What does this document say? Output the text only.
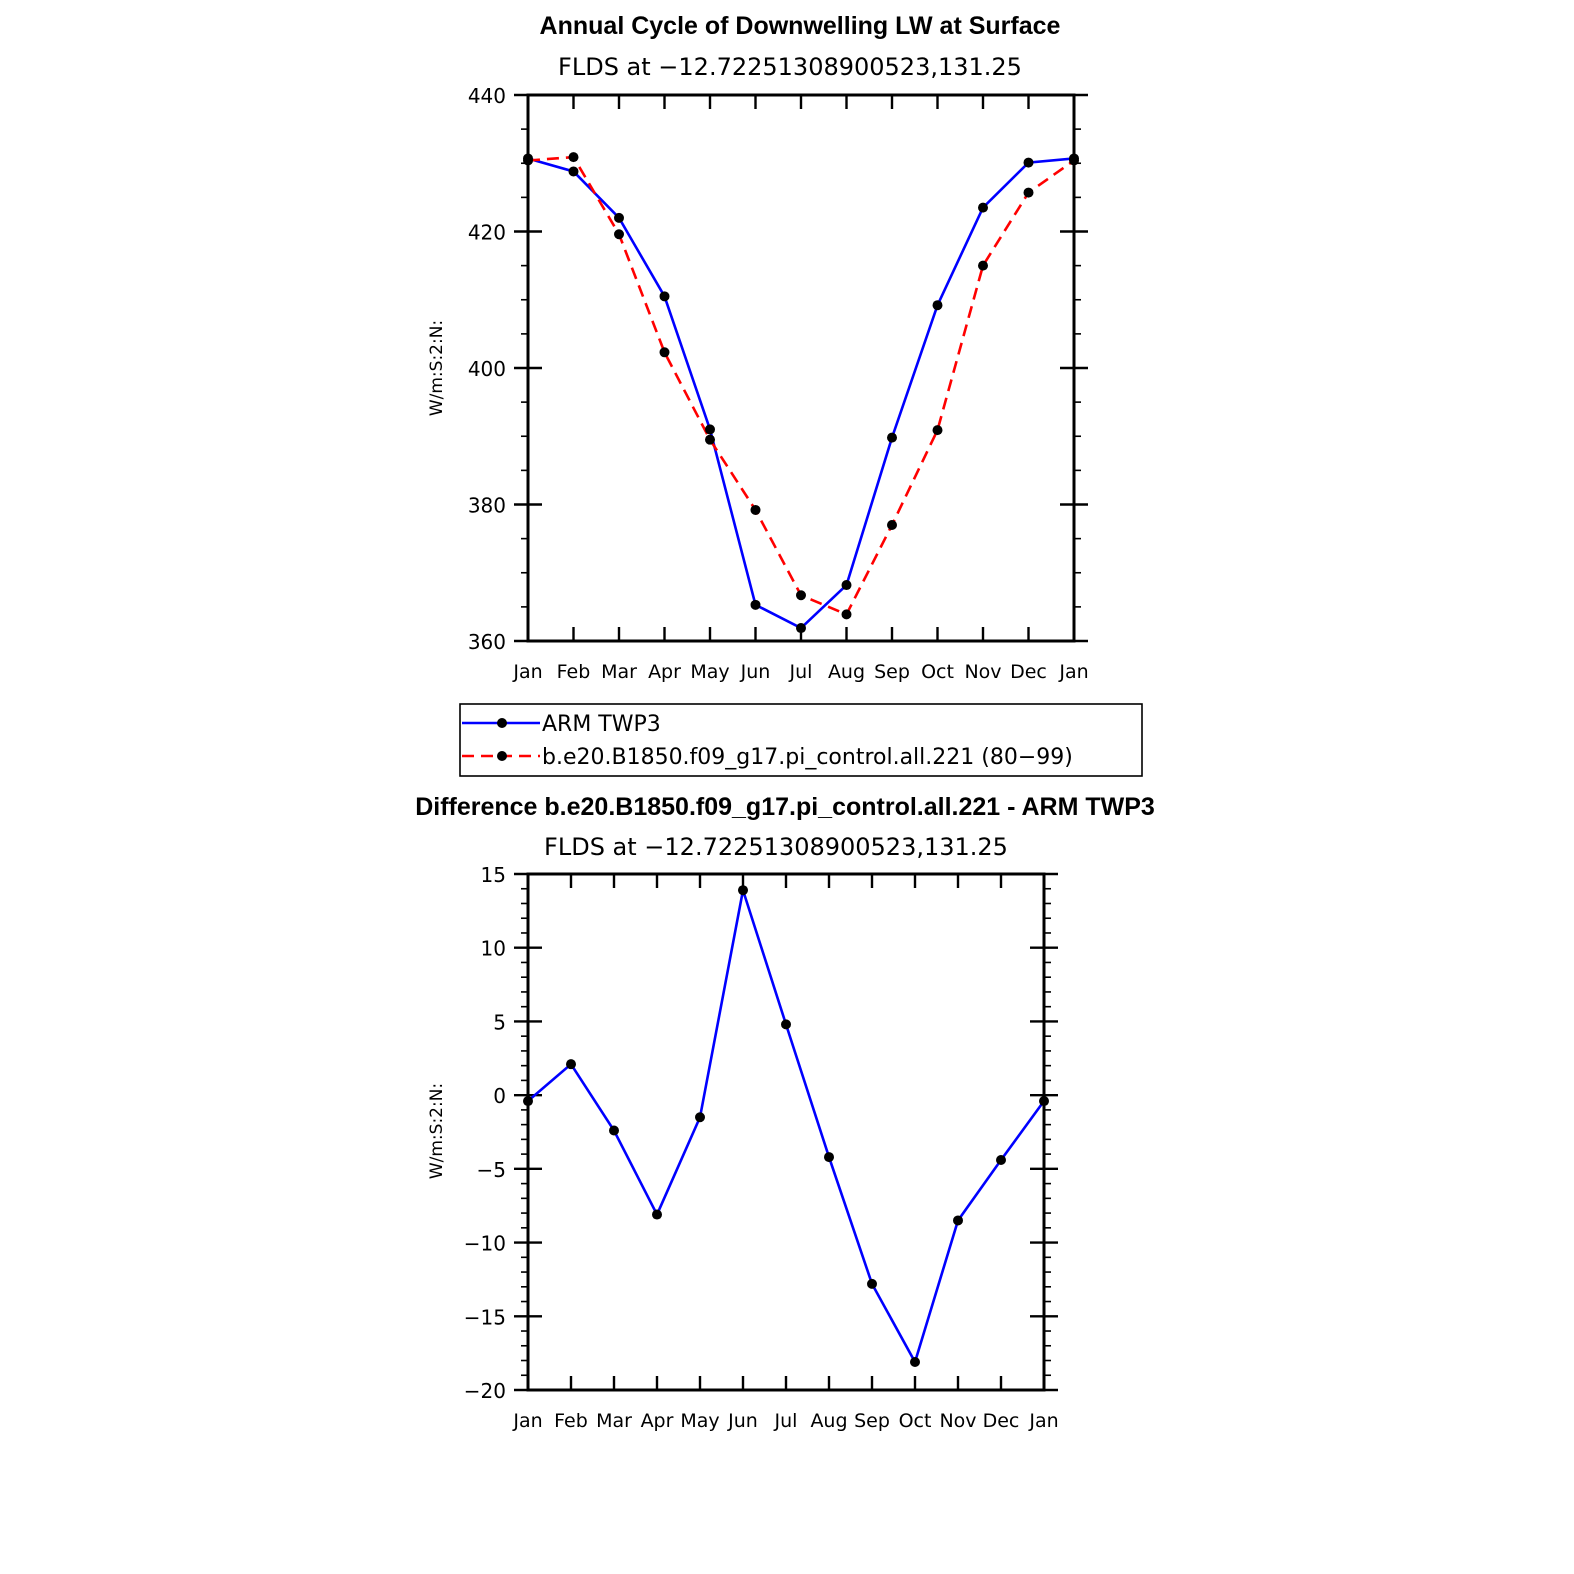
Annual Cycle of Downwelling LW at Surface
FLDS at −12.72251308900523,131.25
W/m:S:2:N:
Jan Feb Mar Apr May Jun Jul Aug Sep Oct Nov Dec Jan
360
380
400
420
440
ARM TWP3
b.e20.B1850.f09_g17.pi_control.all.221 (80−99)
Difference b.e20.B1850.f09_g17.pi_control.all.221 - ARM TWP3
FLDS at −12.72251308900523,131.25
W/m:S:2:N:
Jan Feb Mar Apr May Jun Jul Aug Sep Oct Nov Dec Jan
−20
−15
−10
−5
0
5
10
15
